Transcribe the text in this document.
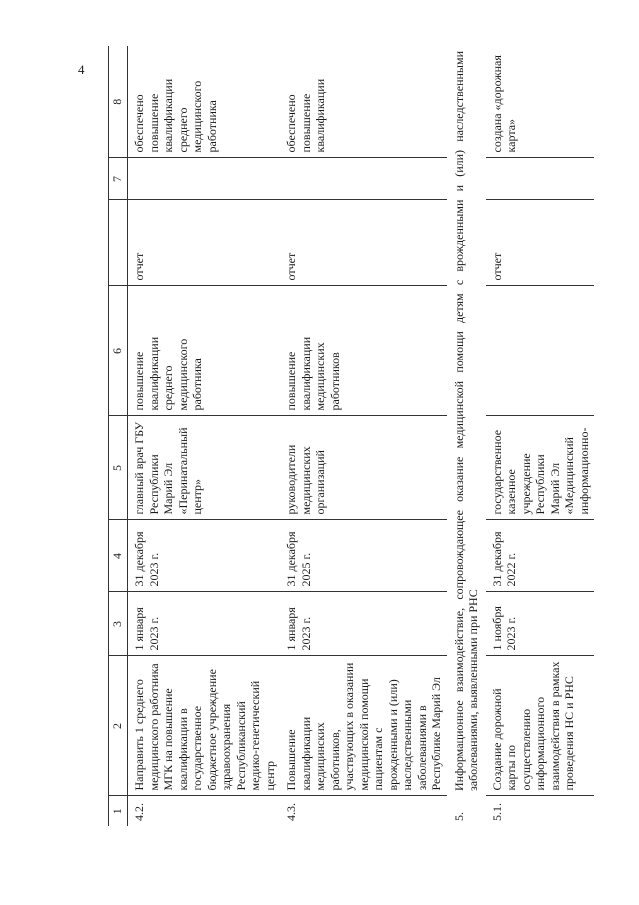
4
1	2	3	4	5	6		7	8
4.2.	Направить 1 среднего медицинского работника МГК на повышение квалификации в государственное бюджетное учреждение здравоохранения Республиканский медико-генетический центр	1 января 2023 г.	31 декабря 2023 г.	главный врач ГБУ Республики Марий Эл «Перинатальный центр»	повышение квалификации среднего медицинского работника	отчет		обеспечено повышение квалификации среднего медицинского работника
4.3.	Повышение квалификации медицинских работников, участвующих в оказании медицинской помощи пациентам с врожденными и (или) наследственными заболеваниями в Республике Марий Эл	1 января 2023 г.	31 декабря 2025 г.	руководители медицинских организаций	повышение квалификации медицинских работников	отчет		обеспечено повышение квалификации
5.	Информационное взаимодействие, сопровождающее оказание медицинской помощи детям с врожденными и (или) наследственными заболеваниями, выявленными при РНС							
5.1.	Создание дорожной карты по осуществлению информационного взаимодействия в рамках проведения НС и РНС	1 ноября 2023 г.	31 декабря 2022 г.	государственное казенное учреждение Республики Марий Эл «Медицинский информационно-		отчет		создана «дорожная карта»
